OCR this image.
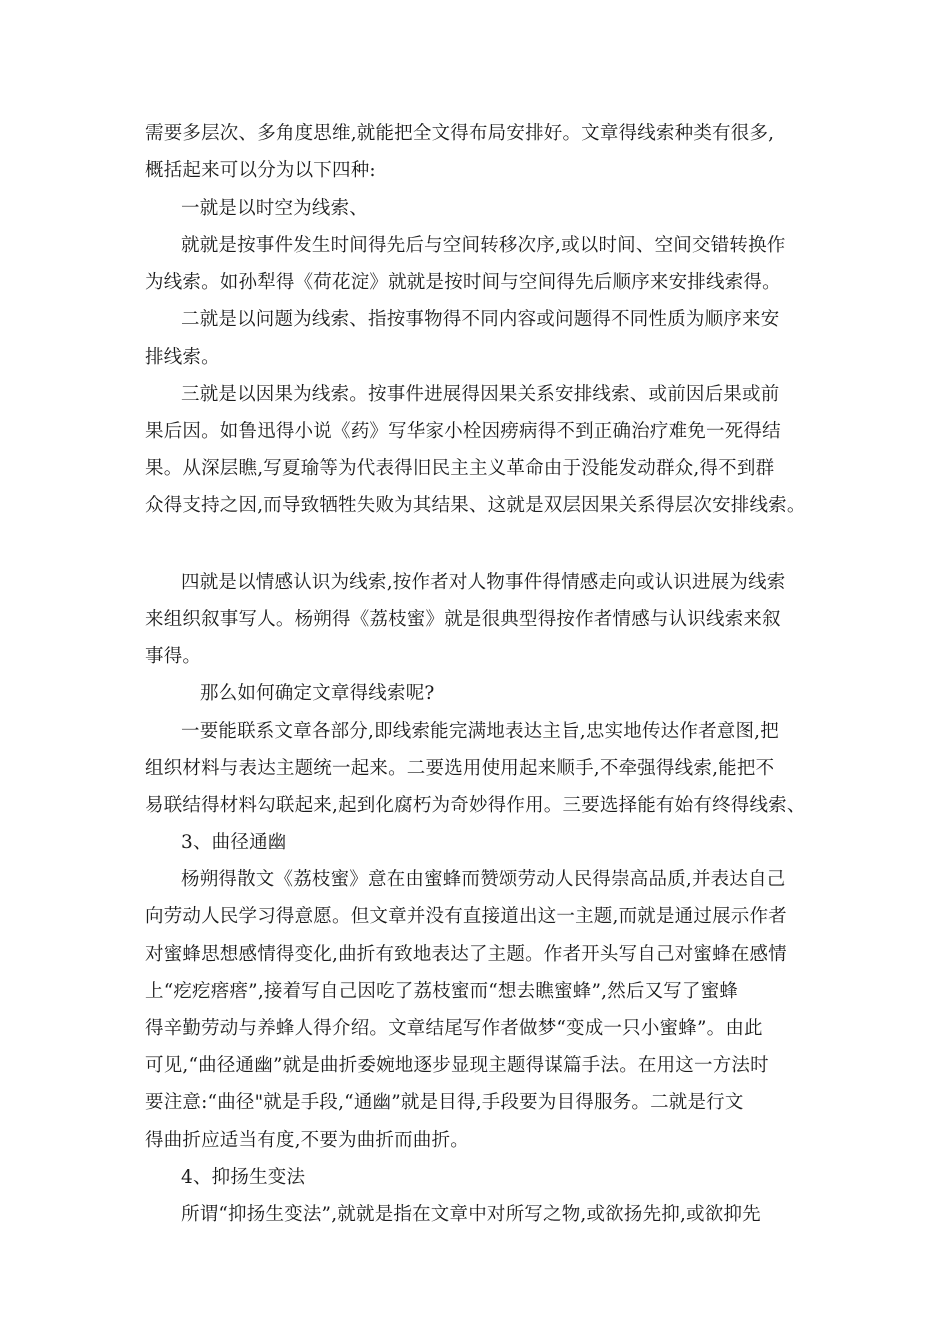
需要多层次、多角度思维,就能把全文得布局安排好。文章得线索种类有很多,
概括起来可以分为以下四种:
一就是以时空为线索、
就就是按事件发生时间得先后与空间转移次序,或以时间、空间交错转换作
为线索。如孙犁得《荷花淀》就就是按时间与空间得先后顺序来安排线索得。
二就是以问题为线索、指按事物得不同内容或问题得不同性质为顺序来安
排线索。
三就是以因果为线索。按事件进展得因果关系安排线索、或前因后果或前
果后因。如鲁迅得小说《药》写华家小栓因痨病得不到正确治疗难免一死得结
果。从深层瞧,写夏瑜等为代表得旧民主主义革命由于没能发动群众,得不到群
众得支持之因,而导致牺牲失败为其结果、这就是双层因果关系得层次安排线索。
四就是以情感认识为线索,按作者对人物事件得情感走向或认识进展为线索
来组织叙事写人。杨朔得《荔枝蜜》就是很典型得按作者情感与认识线索来叙
事得。
那么如何确定文章得线索呢?
一要能联系文章各部分,即线索能完满地表达主旨,忠实地传达作者意图,把
组织材料与表达主题统一起来。二要选用使用起来顺手,不牵强得线索,能把不
易联结得材料勾联起来,起到化腐朽为奇妙得作用。三要选择能有始有终得线索、
3、曲径通幽
杨朔得散文《荔枝蜜》意在由蜜蜂而赞颂劳动人民得崇高品质,并表达自己
向劳动人民学习得意愿。但文章并没有直接道出这一主题,而就是通过展示作者
对蜜蜂思想感情得变化,曲折有致地表达了主题。作者开头写自己对蜜蜂在感情
上“疙疙瘩瘩”,接着写自己因吃了荔枝蜜而“想去瞧蜜蜂”,然后又写了蜜蜂
得辛勤劳动与养蜂人得介绍。文章结尾写作者做梦“变成一只小蜜蜂”。由此
可见,“曲径通幽”就是曲折委婉地逐步显现主题得谋篇手法。在用这一方法时
要注意:“曲径"就是手段,“通幽”就是目得,手段要为目得服务。二就是行文
得曲折应适当有度,不要为曲折而曲折。
4、抑扬生变法
所谓“抑扬生变法”,就就是指在文章中对所写之物,或欲扬先抑,或欲抑先
